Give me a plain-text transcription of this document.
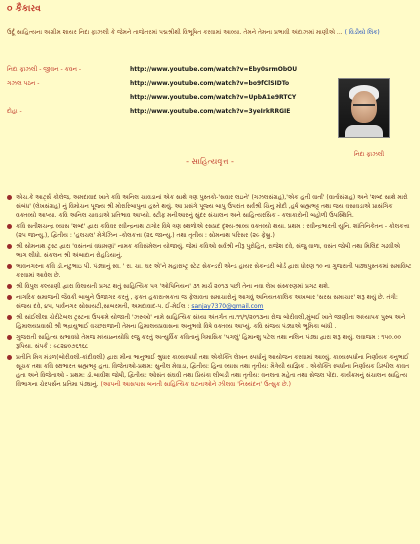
૦ કૈકારવ
ઉર્દૂ સાહિત્યના અગ્રીમ શાયર નિદા ફાઝલી કે જેમને તાજેતરમાં પદ્મશ્રીથી વિભૂષિત કરવામાં આવ્યા. તેમને તેમના પ્રભાવી અંદાઝમાં માણીએ ... ( વિડીયો લિંક)
નિદા ફાઝલી - જીવન - કવન -	http://www.youtube.com/watch?v=Eby0srmObOU
ગઝલ પઠન -	http://www.youtube.com/watch?v=bo9fClSIDTo
http://www.youtube.com/watch?v=UpbA1e9RTCY
દોહા -	http://www.youtube.com/watch?v=3yeIrkRRGIE
નિદા ફાઝલી
- સાહિત્યવૃત્ત -
એચ.કે આર્ટ્સ કોલેજ, અમદાવાદ ખાતે કવિ અનિલ ચાવડાનાં એક સાથે ત્રણ પુસ્તકો-'સવાર લઇને' (ગઝલસંગ્રહ),'એક હતી વાર્તા' (વાર્તાસંગ્રહ) અને 'શબ્દ સાથે મારો સંબંધ' (લેખસંગ્રહ) નું વિમોચન પૂજ્ય શ્રી મોરારિબાપુના હસ્તે થયું. આ પ્રસંગે પૂજ્ય બાપુ ઉપરાંત સર્વશ્રી ચિનુ મોદી ,હર્ષ બ્રહ્મભટ્ટ તથા જય વસાવડાએ પ્રાસંગિક વક્તવ્યો આપ્યા. કવિ અનિલ ચાવડાએ પ્રતિભાવ આપ્યો. સ્ટીફ મનીઆરનું સુંદર સંચાલન અને સાહિત્યરસિક - કલાકારોની બહોળી ઉપસ્થિતિ.
કવિ સતીશચન્દ્ર વ્યાસ 'શબ્દ' દ્વારા કવિવર રવીન્દ્રનાથ ટાગોર વિષે ત્રણ સ્થળોએ રસપ્રદ દૃશ્ય-શ્રાવ્ય વક્તવ્યો થયા. પ્રથમ : રવીન્દ્રભારતી યુનિ. શાંતિનિકેતન - કોલકત્તા (૨૫ જાન્યુ.), દ્વિતીય : 'હલચલ' મેગેઝિન -કોલકત્તા (૨૬ જાન્યુ.) તથા તૃતીય : સોમનાથ પરિસર (૨૯ ફેબ્રુ.)
શ્રી સોમનાથ ટ્રસ્ટ દ્વારા 'વસંતનાં વધામણાં' નામક કવિસંમેલન યોજાયું. જેમાં કવિઓ સર્વશ્રી નીરૂ પુરોહિત, રાજેશ દવે, સંજુ વાળા, વસંત જોષી તથા મિલિંદ ગઢવીએ ભાગ લીધો. સંકલન શ્રી અંબાદાન રોહડિયાનું.
ભાવનગરના કવિ ડૉ.નટુભાઇ પી. પંડ્યાનું સ્વ. ' રા. ચા. ઘર એ'ને મહારાષ્ટ્ર સ્ટેટ સેકન્ડરી એન્ડ હાયર સેકન્ડરી બોર્ડ દ્વારા ધોરણ ૧૦ ના ગુજરાતી પાઠ્યપુસ્તકમાં સમાવિષ્ટ કરવામાં આવેલ છે.
શ્રી વિપુલ કલ્યાણી દ્વારા વિલાયતી પ્રગટ થતું સાહિત્યિક પત્ર 'ઓપિનિયન' ૩૧ માર્ચ ૨૦૧૩ પછી તેના નવા લેખ સંસ્કરણમાં પ્રગટ થશે.
નાગરિક સમાજની જૈવકી બાબુને ઉજાગર કરતું , ફક્ત હકારાત્મકતા જ ફેલાવતા સમાચારોનું આગવું અનિયતકાલિક અખબાર 'સરસ સમાચાર' શરૂ થયું છે. તંત્રી: સંજય દવે, ૪૫, પાર્વનગર સોસાયટી,સાબરમતી, અમદાવાદ-૫. ઈ-મેઈલ : sanjay7370@gmail.com
શ્રી સાંઈલીલા ચેરીટેબલ ટ્રસ્ટના ઉપક્રમે યોજાતી 'ઝરુખો' નામે સાહિત્યિક સંધ્યા અંતર્ગત તા.૧૧/૧/૨૦૧૩ના રોજ બોરીવલી,મુંબઈ ખાતે જાણીતા અધ્યાપક પુરુષ અને હિમાલયપ્રવાસી શ્રી ભદ્રાયુભાઈ વચ્છરાજાની તેમના હિમાલયપ્રવાસના અનુભવો વિષે વક્તવ્ય આપ્યું. કવિ સંજય પંડ્યાએ ભૂમિકા બાંધી .
ગુજરાતી સાહિત્ય સભાવધો તેમજ મધ્યાહ્નયોધિ રજુ કરતું અત્યુર્વિક કવિતાનું ત્રિમાસિક 'પગલું' હિમાન્શુ પટેલ તથા નલિન પંડ્યા દ્વારા શરૂ થયું. લવાજમ : ૧૫૦.૦૦ રૂપિયા. સંપર્ક : ૯૮૨૪૦૭૬૧૬૮
પ્રતીતિ મિત્ર મંડળ(બોરીવલી-કાંદીવલી) દ્વારા મીના ભાનુભાઈ શ્રુધાર કાવ્યસ્પર્ધા તથા એકોક્તિ લેખન સ્પર્ધાનું આયોજન કરવામાં આવ્યું. કાવ્યસ્પર્ધાના નિર્ણાયક કનુભાઈ સૂચક તથા કવિ સ્ક્ષભારત બ્રહ્મભટ્ટ હતા. વિજેતાઓ-પ્રથમ: સુનીલ મેવાડા, દ્વિતીય: હિના વ્યાસ તથા તૃતીય: મૈત્રેયી યાજ્ઞિક . એકોક્તિ સ્પર્ધાના નિર્ણાયક ડિમ્પીલ કાવત હતા અને વિજેતાઓ - પ્રથમ: ડૉ.બાવીશ જોષી, દ્વિતીય: ઓસંત સંઘવી તથા પ્રિયંકા લીબડી તથા તૃતીય: વનલતા મહેતા તથા સેજલ પોંદા. કાર્યક્રમનું સંચાલન સાહિત્ય વિભાગના ચેરપર્સન પ્રતિમા પંડ્યાનું. (આપની આસપાસ બનતી સાહિત્યિક ઘટનાઓને ઝીલવા 'નિસ્યંદન' ઉત્સુક છે.)
